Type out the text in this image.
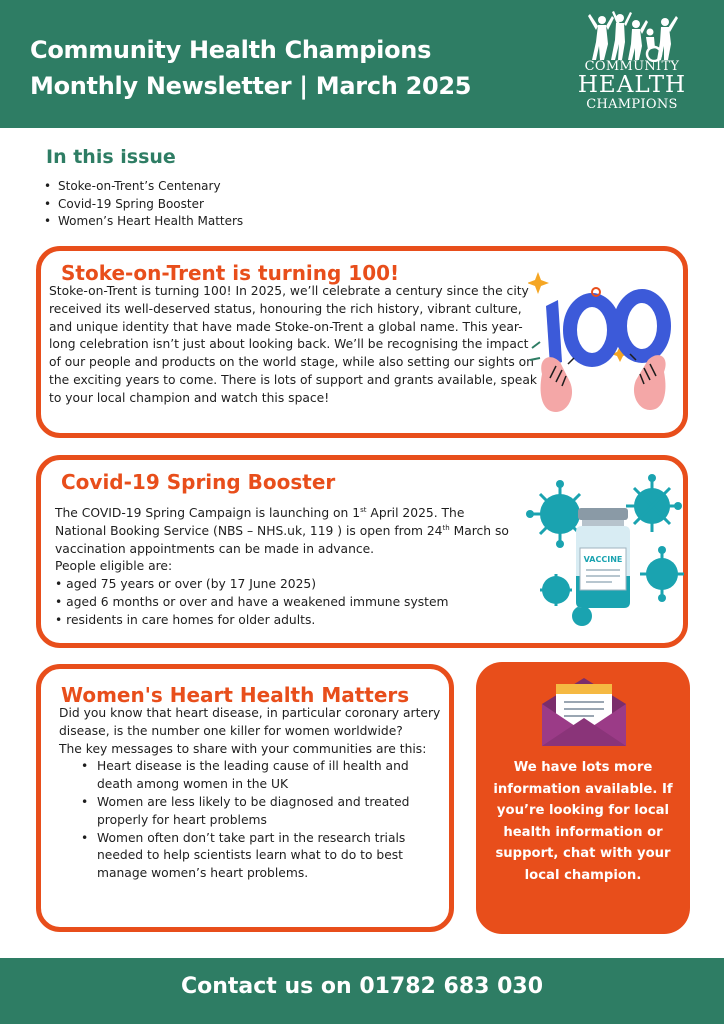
Community Health Champions
Monthly Newsletter | March 2025
COMMUNITY
HEALTH
CHAMPIONS
In this issue
• Stoke-on-Trent’s Centenary
• Covid-19 Spring Booster
• Women’s Heart Health Matters
Stoke-on-Trent is turning 100!
Stoke-on-Trent is turning 100! In 2025, we’ll celebrate a century since the city received its well-deserved status, honouring the rich history, vibrant culture, and unique identity that have made Stoke-on-Trent a global name. This year-long celebration isn’t just about looking back. We’ll be recognising the impact of our people and products on the world stage, while also setting our sights on the exciting years to come. There is lots of support and grants available, speak to your local champion and watch this space!
Covid-19 Spring Booster

The COVID-19 Spring Campaign is launching on 1st April 2025. The

National Booking Service (NBS – NHS.uk, 119 ) is open from 24th March so

vaccination appointments can be made in advance.

People eligible are:

• aged 75 years or over (by 17 June 2025)

• aged 6 months or over and have a weakened immune system

• residents in care homes for older adults.

VACCINE
Women's Heart Health Matters

Did you know that heart disease, in particular coronary artery disease, is the number one killer for women worldwide?

The key messages to share with your communities are this:

• Heart disease is the leading cause of ill health and death among women in the UK
• Women are less likely to be diagnosed and treated properly for heart problems
• Women often don’t take part in the research trials needed to help scientists learn what to do to best manage women’s heart problems.
We have lots more information available. If you’re looking for local health information or support, chat with your local champion.
Contact us on 01782 683 030
